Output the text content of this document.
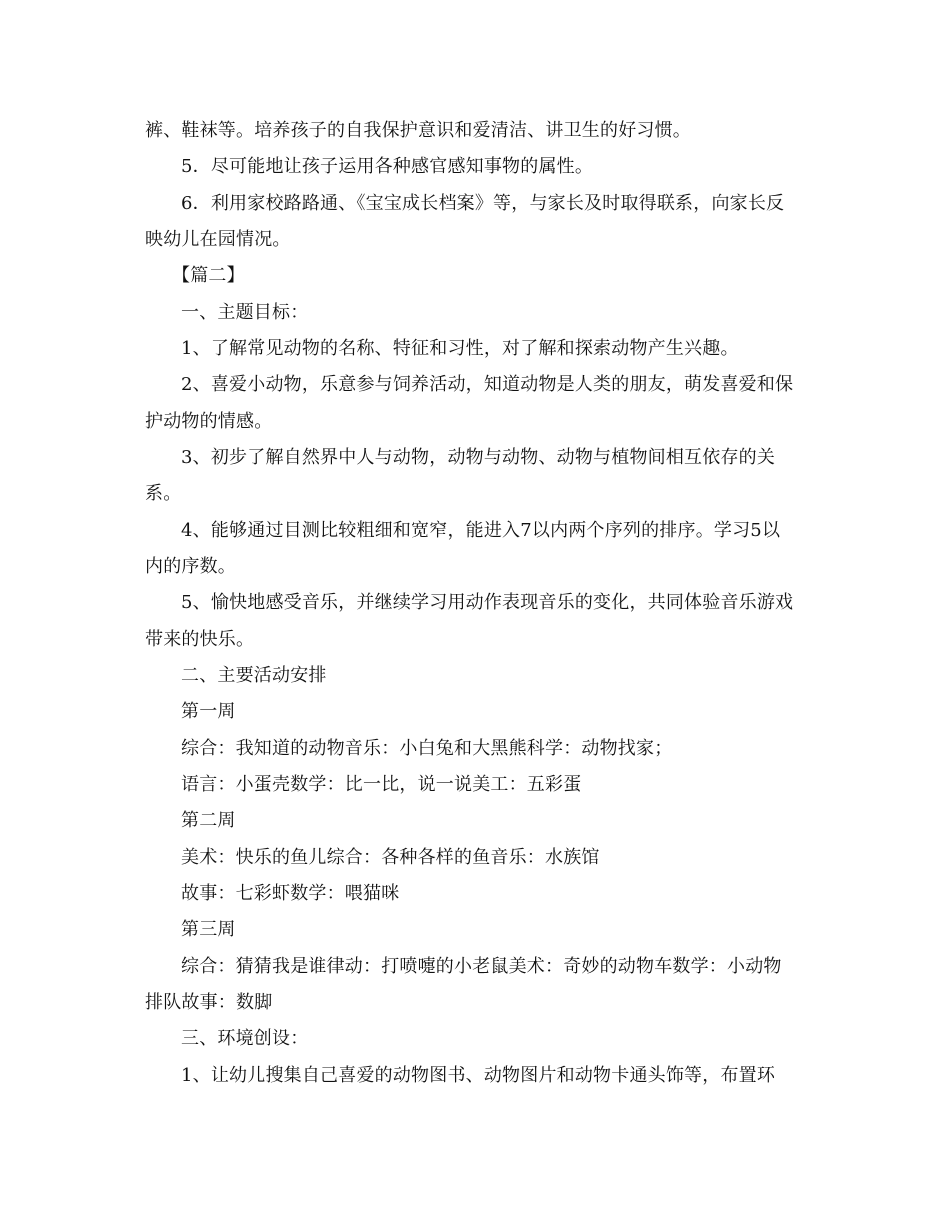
裤、鞋袜等。培养孩子的自我保护意识和爱清洁、讲卫生的好习惯。
5．尽可能地让孩子运用各种感官感知事物的属性。
6．利用家校路路通、《宝宝成长档案》等，与家长及时取得联系，向家长反
映幼儿在园情况。
【篇二】
一、主题目标：
1、了解常见动物的名称、特征和习性，对了解和探索动物产生兴趣。
2、喜爱小动物，乐意参与饲养活动，知道动物是人类的朋友，萌发喜爱和保
护动物的情感。
3、初步了解自然界中人与动物，动物与动物、动物与植物间相互依存的关
系。
4、能够通过目测比较粗细和宽窄，能进入7以内两个序列的排序。学习5以
内的序数。
5、愉快地感受音乐，并继续学习用动作表现音乐的变化，共同体验音乐游戏
带来的快乐。
二、主要活动安排
第一周
综合：我知道的动物音乐：小白兔和大黑熊科学：动物找家；
语言：小蛋壳数学：比一比，说一说美工：五彩蛋
第二周
美术：快乐的鱼儿综合：各种各样的鱼音乐：水族馆
故事：七彩虾数学：喂猫咪
第三周
综合：猜猜我是谁律动：打喷嚏的小老鼠美术：奇妙的动物车数学：小动物
排队故事：数脚
三、环境创设：
1、让幼儿搜集自己喜爱的动物图书、动物图片和动物卡通头饰等，布置环
